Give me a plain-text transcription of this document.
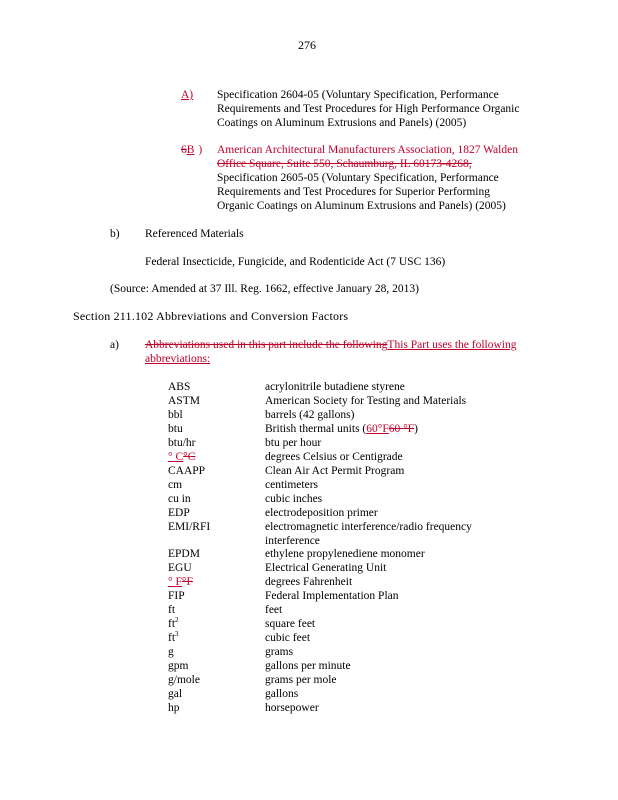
276
A)	Specification 2604-05 (Voluntary Specification, Performance
Requirements and Test Procedures for High Performance Organic
Coatings on Aluminum Extrusions and Panels) (2005)
6B ) American Architectural Manufacturers Association, 1827 Walden
Office Square, Suite 550, Schaumburg, IL 60173-4268,
Specification 2605-05 (Voluntary Specification, Performance
Requirements and Test Procedures for Superior Performing
Organic Coatings on Aluminum Extrusions and Panels) (2005)
b) Referenced Materials
Federal Insecticide, Fungicide, and Rodenticide Act (7 USC 136)
(Source: Amended at 37 Ill. Reg. 1662, effective January 28, 2013)
Section 211.102 Abbreviations and Conversion Factors
a) Abbreviations used in this part include the followingThis Part uses the following
abbreviations:
ABS	acrylonitrile butadiene styrene
ASTM	American Society for Testing and Materials
bbl	barrels (42 gallons)
btu	British thermal units (60°F60 °F)
btu/hr	btu per hour
° C°C	degrees Celsius or Centigrade
CAAPP	Clean Air Act Permit Program
cm	centimeters
cu in	cubic inches
EDP	electrodeposition primer
EMI/RFI	electromagnetic interference/radio frequency
interference
EPDM	ethylene propylenediene monomer
EGU	Electrical Generating Unit
° F°F	degrees Fahrenheit
FIP	Federal Implementation Plan
ft	feet
$ft^2$	square feet
$ft^3$	cubic feet
g	grams
gpm	gallons per minute
g/mole	grams per mole
gal	gallons
hp	horsepower
